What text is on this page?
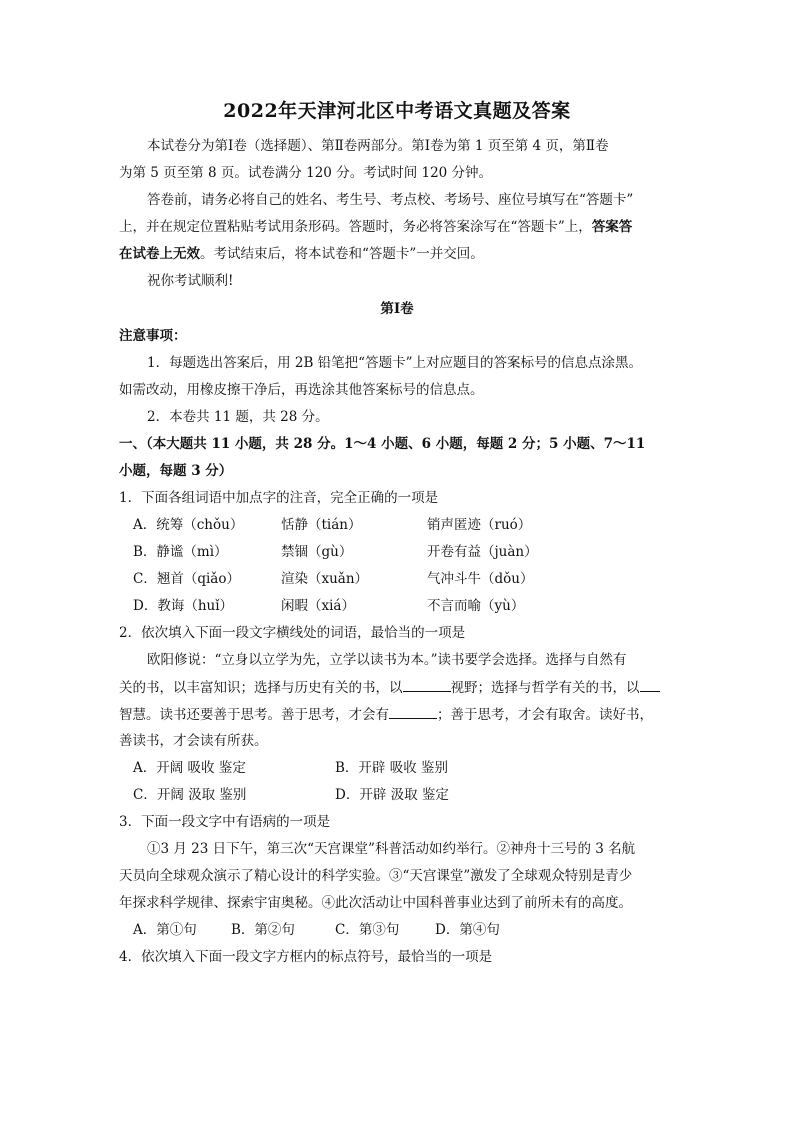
2022年天津河北区中考语文真题及答案
本试卷分为第Ⅰ卷（选择题）、第Ⅱ卷两部分。第Ⅰ卷为第 1 页至第 4 页，第Ⅱ卷
为第 5 页至第 8 页。试卷满分 120 分。考试时间 120 分钟。
答卷前，请务必将自己的姓名、考生号、考点校、考场号、座位号填写在“答题卡”
上，并在规定位置粘贴考试用条形码。答题时，务必将答案涂写在“答题卡”上，答案答
在试卷上无效。考试结束后，将本试卷和“答题卡”一并交回。
祝你考试顺利!
第Ⅰ卷
注意事项：
1．每题选出答案后，用 2B 铅笔把“答题卡”上对应题目的答案标号的信息点涂黑。
如需改动，用橡皮擦干净后，再选涂其他答案标号的信息点。
2．本卷共 11 题，共 28 分。
一、（本大题共 11 小题，共 28 分。1～4 小题、6 小题，每题 2 分；5 小题、7～11
小题，每题 3 分）
1．下面各组词语中加点字的注音，完全正确的一项是
A．统筹（chǒu）	恬静（tián）	销声匿迹（ruó）
B．静谧（mì）	禁锢（gù）	开卷有益（juàn）
C．翘首（qiǎo）	渲染（xuǎn）	气冲斗牛（dǒu）
D．教诲（huǐ）	闲暇（xiá）	不言而喻（yù）
2．依次填入下面一段文字横线处的词语，最恰当的一项是
欧阳修说：“立身以立学为先，立学以读书为本。”读书要学会选择。选择与自然有
关的书，以丰富知识；选择与历史有关的书，以	视野；选择与哲学有关的书，以
智慧。读书还要善于思考。善于思考，才会有	；善于思考，才会有取舍。读好书，
善读书，才会读有所获。
A．开阔 吸收 鉴定	B．开辟 吸收 鉴别
C．开阔 汲取 鉴别	D．开辟 汲取 鉴定
3．下面一段文字中有语病的一项是
①3 月 23 日下午，第三次“天宫课堂”科普活动如约举行。②神舟十三号的 3 名航
天员向全球观众演示了精心设计的科学实验。③“天宫课堂”激发了全球观众特别是青少
年探求科学规律、探索宇宙奥秘。④此次活动让中国科普事业达到了前所未有的高度。
A．第①句	B．第②句	C．第③句	D．第④句
4．依次填入下面一段文字方框内的标点符号，最恰当的一项是
